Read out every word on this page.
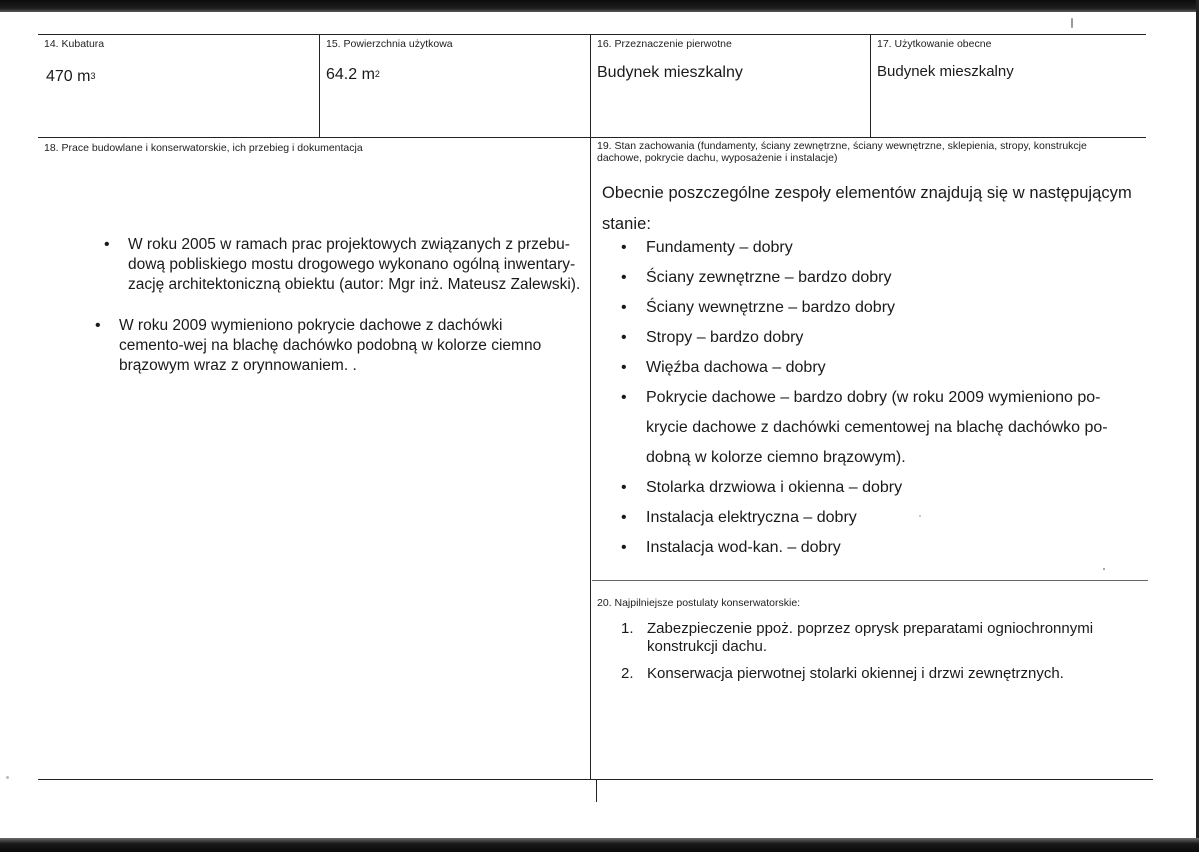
14. Kubatura
470 $m^3$
15. Powierzchnia użytkowa
64.2 $m^2$
16. Przeznaczenie pierwotne
Budynek mieszkalny
17. Użytkowanie obecne
Budynek mieszkalny
18. Prace budowlane i konserwatorskie, ich przebieg i dokumentacja
• W roku 2005 w ramach prac projektowych związanych z przebu-dową pobliskiego mostu drogowego wykonano ogólną inwentary-zację architektoniczną obiektu (autor: Mgr inż. Mateusz Zalewski).
• W roku 2009 wymieniono pokrycie dachowe z dachówki cemento-wej na blachę dachówko podobną w kolorze ciemno brązowym wraz z orynnowaniem. .
19. Stan zachowania (fundamenty, ściany zewnętrzne, ściany wewnętrzne, sklepienia, stropy, konstrukcje dachowe, pokrycie dachu, wyposażenie i instalacje)
Obecnie poszczególne zespoły elementów znajdują się w następującym stanie:
• Fundamenty – dobry
• Ściany zewnętrzne – bardzo dobry
• Ściany wewnętrzne – bardzo dobry
• Stropy – bardzo dobry
• Więźba dachowa – dobry
• Pokrycie dachowe – bardzo dobry (w roku 2009 wymieniono po-krycie dachowe z dachówki cementowej na blachę dachówko po-dobną w kolorze ciemno brązowym).
• Stolarka drzwiowa i okienna – dobry
• Instalacja elektryczna – dobry
• Instalacja wod-kan. – dobry
20. Najpilniejsze postulaty konserwatorskie:
1. Zabezpieczenie ppoż. poprzez oprysk preparatami ogniochronnymi konstrukcji dachu.
2. Konserwacja pierwotnej stolarki okiennej i drzwi zewnętrznych.
